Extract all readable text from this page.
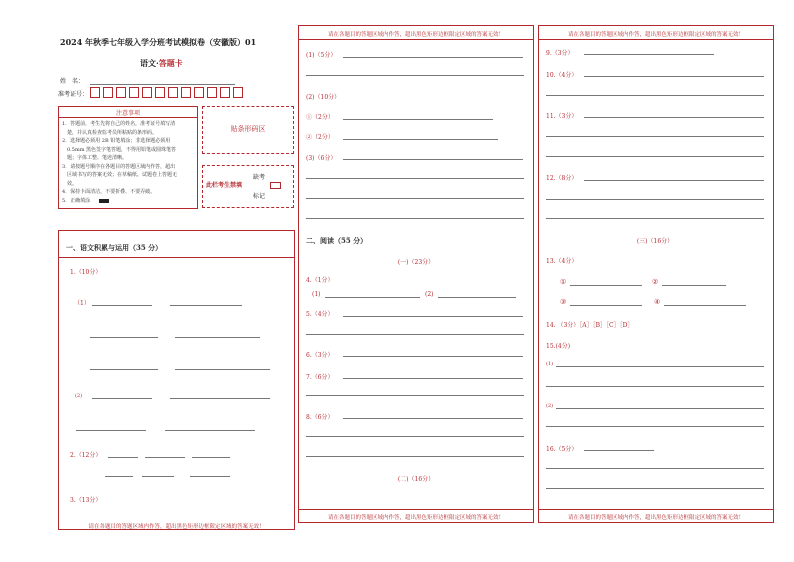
2024 年秋季七年级入学分班考试模拟卷（安徽版）01
语文·答题卡
姓　名：
准考证号：
注意事项
1．答题前，考生先将自己的姓名，准考证号填写清
　楚，并认真检查监考员所粘贴的条形码。
2．选择题必须用 2B 铅笔填涂；非选择题必须用
　0.5mm 黑色签字笔答题，不得用铅笔或圆珠笔答
　题；字体工整、笔迹清晰。
3．请按题号顺序在各题目的答题区域内作答，超出
　区域书写的答案无效；在草稿纸、试题卷上答题无
　效。
4．保持卡面清洁，不要折叠、不要弄破。
5．正确填涂
贴条形码区
此栏考生禁填
缺考
标记
请在各题目的答题区域内作答，超出黑色矩形边框限定区域的答案无效！
一、语文积累与运用（35 分）
1.（10分）
（1）
(2)
2.（12分）
3.（13分）
请在各题目的答题区域内作答，超出黑色矩形边框限定区域的答案无效！
请在各题目的答题区域内作答，超出黑色矩形边框限定区域的答案无效！
(1)（5分）
(2)（10分）
①（2分）
②（2分）
(3)（6分）
二、阅读（55 分）
(一)（23分）
4.（1分）
(1)	(2)
5.（4分）
6.（3分）
7.（6分）
8.（6分）
(二)（16分）
请在各题目的答题区域内作答，超出黑色矩形边框限定区域的答案无效！
请在各题目的答题区域内作答，超出黑色矩形边框限定区域的答案无效！
9.（3分）
10.（4分）
11.（3分）
12.（8分）
(三)（16分）
13.（4分）
①	②
③	④
14. （3分）［A］［B］［C］［D］
15.(4分)
(1)
(2)
16.（5分）
